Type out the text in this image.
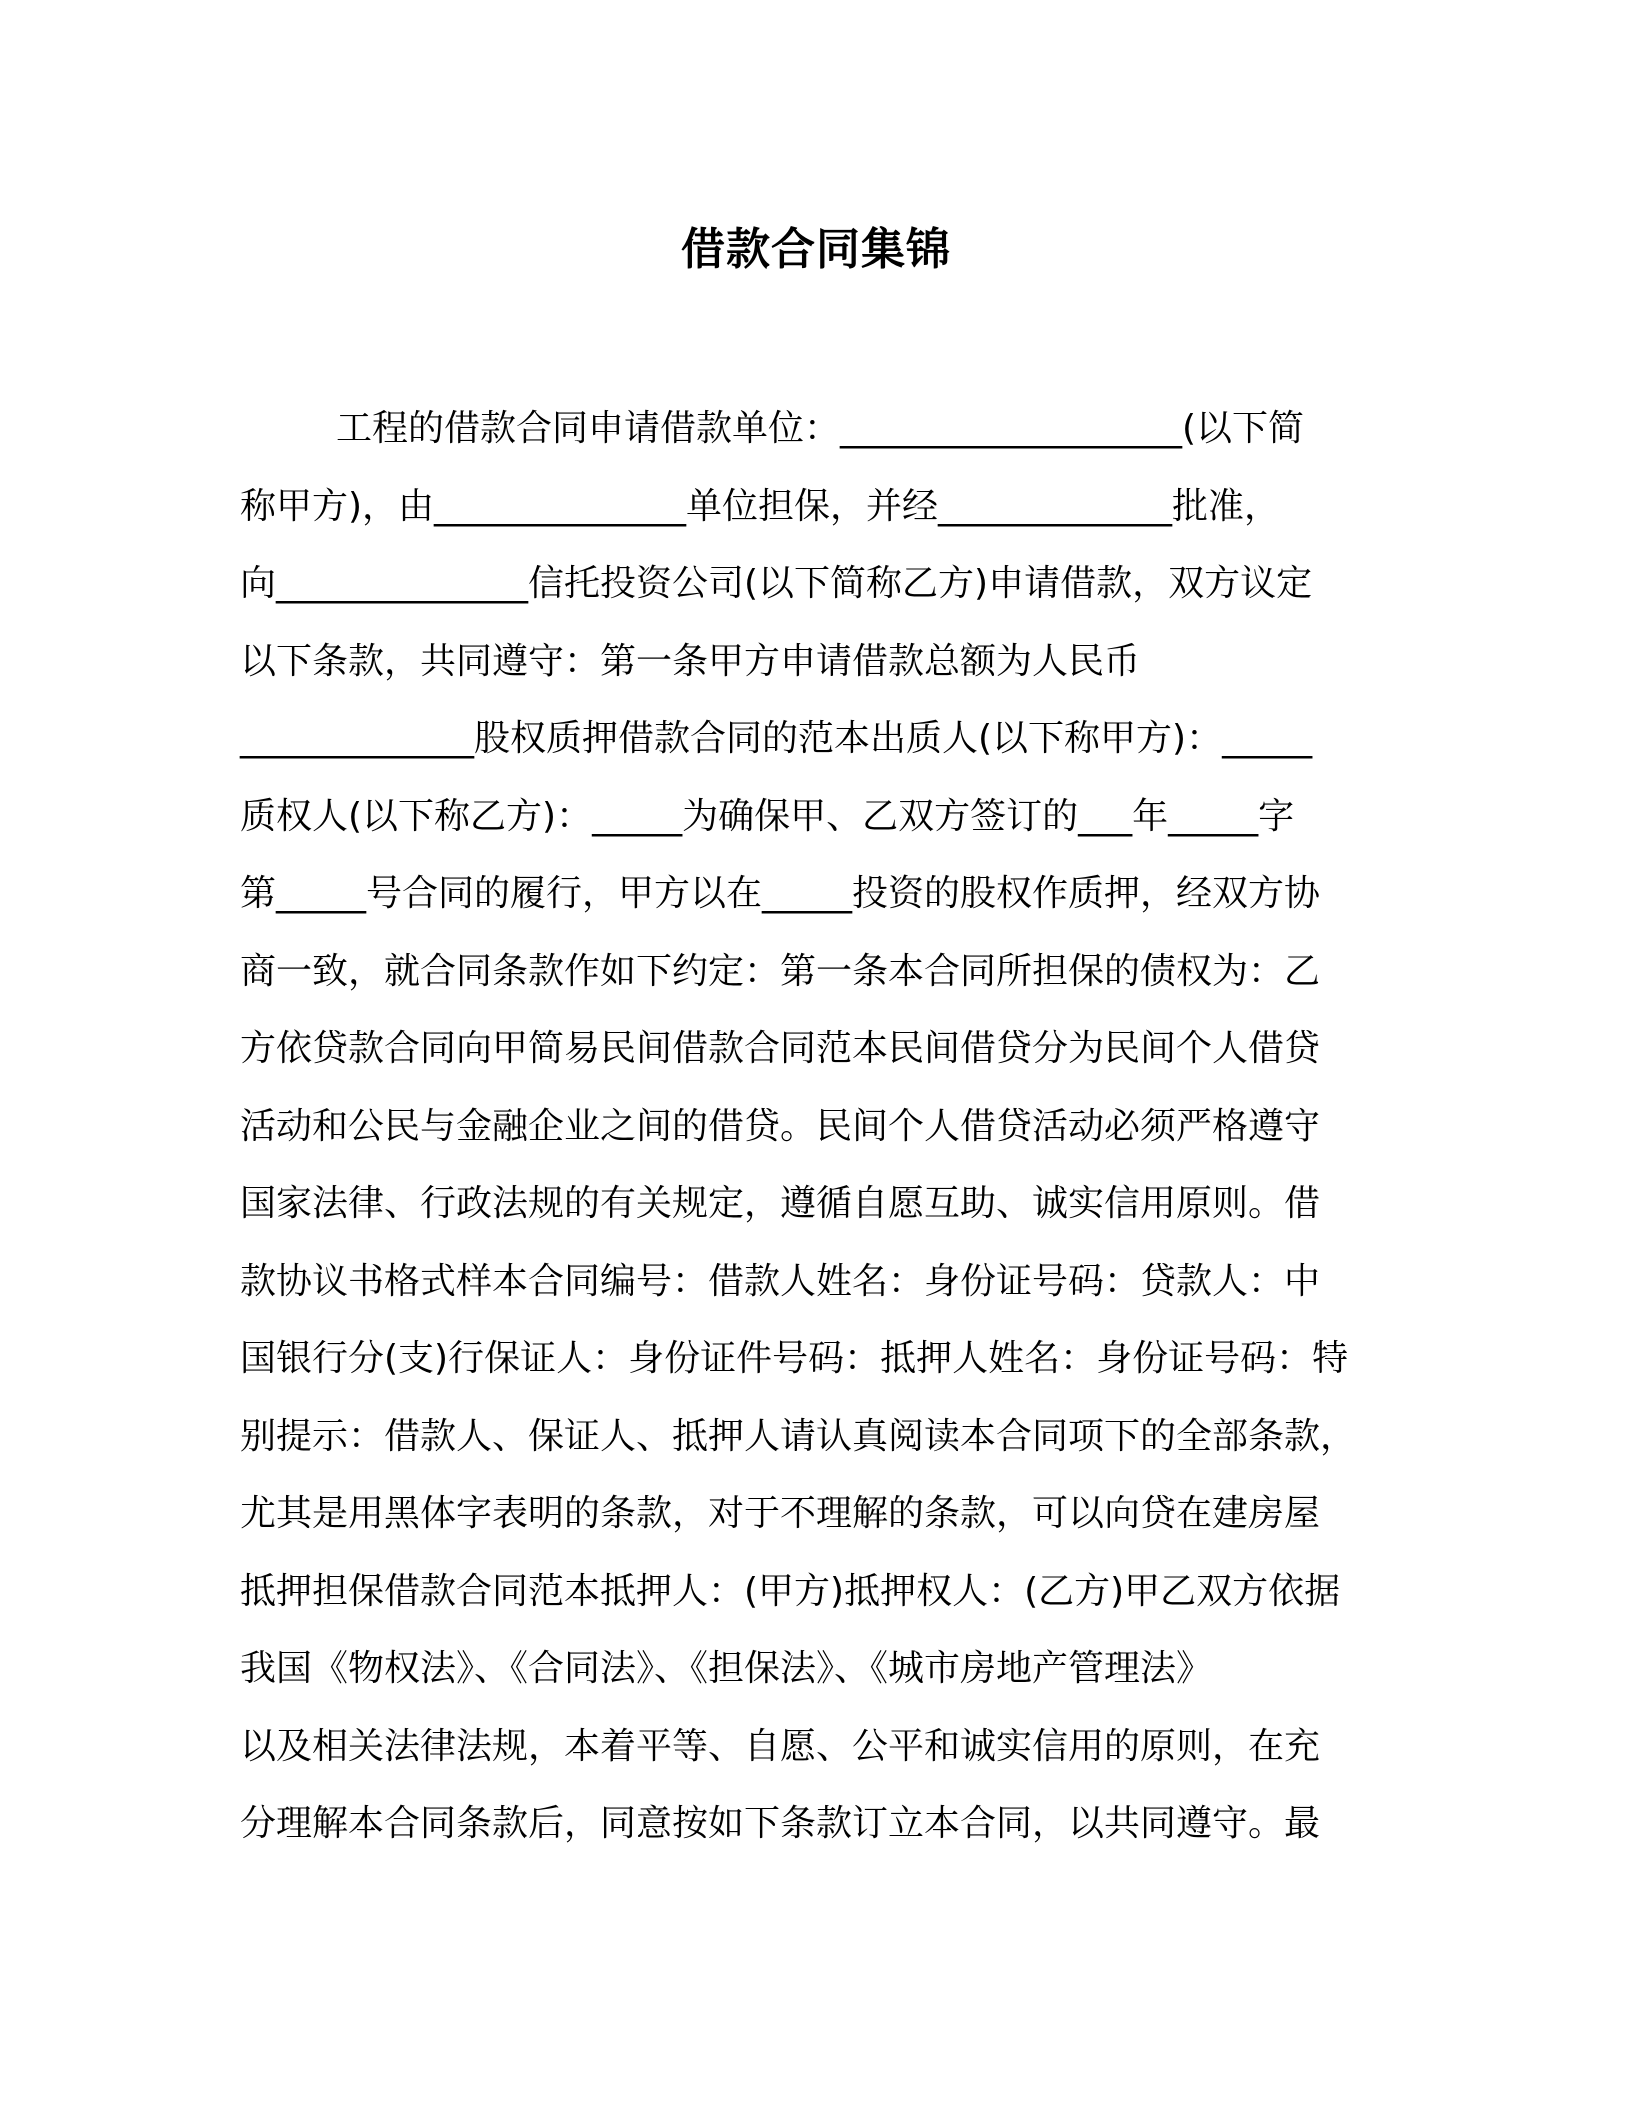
借款合同集锦
工程的借款合同申请借款单位：___________________(以下简
称甲方)，由______________单位担保，并经_____________批准，
向______________信托投资公司(以下简称乙方)申请借款，双方议定
以下条款，共同遵守：第一条甲方申请借款总额为人民币
_____________股权质押借款合同的范本出质人(以下称甲方)：_____
质权人(以下称乙方)：_____为确保甲、乙双方签订的___年_____字
第_____号合同的履行，甲方以在_____投资的股权作质押，经双方协
商一致，就合同条款作如下约定：第一条本合同所担保的债权为：乙
方依贷款合同向甲简易民间借款合同范本民间借贷分为民间个人借贷
活动和公民与金融企业之间的借贷。民间个人借贷活动必须严格遵守
国家法律、行政法规的有关规定，遵循自愿互助、诚实信用原则。借
款协议书格式样本合同编号：借款人姓名：身份证号码：贷款人：中
国银行分(支)行保证人：身份证件号码：抵押人姓名：身份证号码：特
别提示：借款人、保证人、抵押人请认真阅读本合同项下的全部条款，
尤其是用黑体字表明的条款，对于不理解的条款，可以向贷在建房屋
抵押担保借款合同范本抵押人：(甲方)抵押权人：(乙方)甲乙双方依据
我国《物权法》、《合同法》、《担保法》、《城市房地产管理法》
以及相关法律法规，本着平等、自愿、公平和诚实信用的原则，在充
分理解本合同条款后，同意按如下条款订立本合同，以共同遵守。最
